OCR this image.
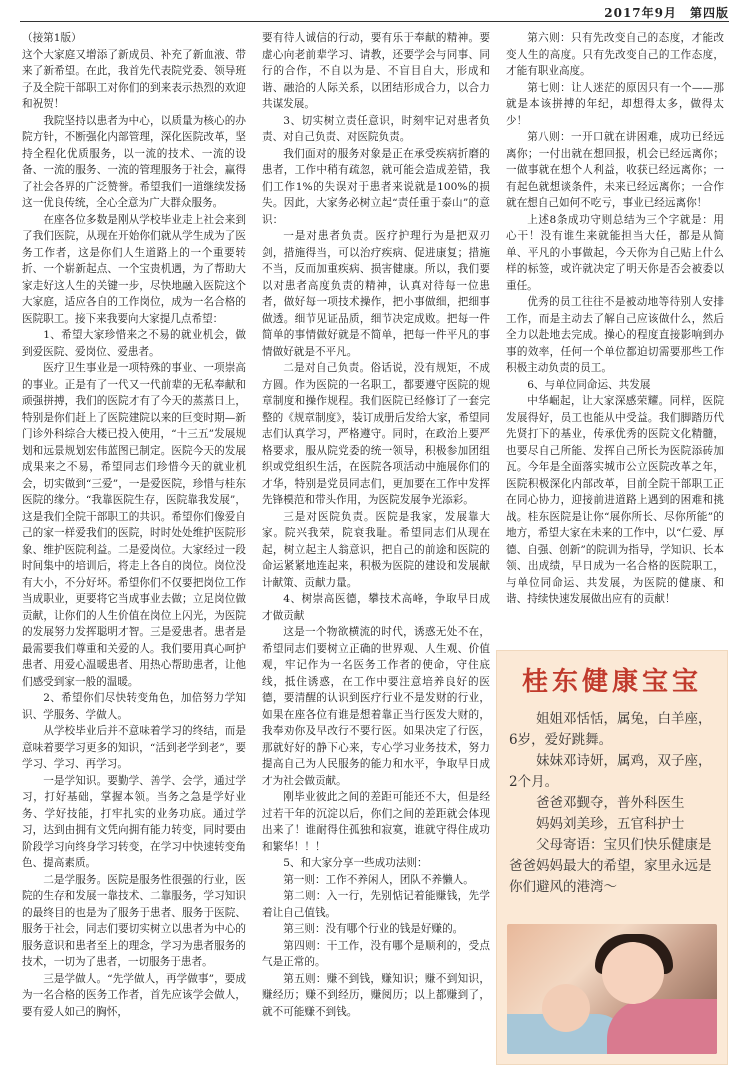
2017年9月　第四版

（接第1版）

这个大家庭又增添了新成员、补充了新血液、带来了新希望。在此，我首先代表院党委、领导班子及全院干部职工对你们的到来表示热烈的欢迎和祝贺！

我院坚持以患者为中心，以质量为核心的办院方针，不断强化内部管理，深化医院改革，坚持全程化优质服务，以一流的技术、一流的设备、一流的服务、一流的管理服务于社会，赢得了社会各界的广泛赞誉。希望我们一道继续发扬这一优良传统，全心全意为广大群众服务。

在座各位多数是刚从学校毕业走上社会来到了我们医院，从现在开始你们就从学生成为了医务工作者，这是你们人生道路上的一个重要转折、一个崭新起点、一个宝贵机遇，为了帮助大家走好这人生的关键一步，尽快地融入医院这个大家庭，适应各自的工作岗位，成为一名合格的医院职工。接下来我要向大家提几点希望：

1、希望大家珍惜来之不易的就业机会，做到爱医院、爱岗位、爱患者。

医疗卫生事业是一项特殊的事业、一项崇高的事业。正是有了一代又一代前辈的无私奉献和顽强拼搏，我们的医院才有了今天的蒸蒸日上，特别是你们赶上了医院建院以来的巨变时期—新门诊外科综合大楼已投入使用，“十三五”发展规划和远景规划宏伟蓝图已制定。医院今天的发展成果来之不易，希望同志们珍惜今天的就业机会，切实做到“三爱”，一是爱医院，珍惜与桂东医院的缘分。“我靠医院生存，医院靠我发展”，这是我们全院干部职工的共识。希望你们像爱自己的家一样爱我们的医院，时时处处维护医院形象、维护医院利益。二是爱岗位。大家经过一段时间集中的培训后，将走上各自的岗位。岗位没有大小，不分好坏。希望你们不仅要把岗位工作当成职业，更要将它当成事业去做；立足岗位做贡献，让你们的人生价值在岗位上闪光，为医院的发展努力发挥聪明才智。三是爱患者。患者是最需要我们尊重和关爱的人。我们要用真心呵护患者、用爱心温暖患者、用热心帮助患者，让他们感受到家一般的温暖。

2、希望你们尽快转变角色，加倍努力学知识、学服务、学做人。

从学校毕业后并不意味着学习的终结，而是意味着要学习更多的知识，“活到老学到老”，要学习、学习、再学习。

一是学知识。要勤学、善学、会学，通过学习，打好基础，掌握本领。当务之急是学好业务、学好技能，打牢扎实的业务功底。通过学习，达到由拥有文凭向拥有能力转变，同时要由阶段学习向终身学习转变，在学习中快速转变角色、提高素质。

二是学服务。医院是服务性很强的行业，医院的生存和发展一靠技术、二靠服务，学习知识的最终目的也是为了服务于患者、服务于医院、服务于社会，同志们要切实树立以患者为中心的服务意识和患者至上的理念，学习为患者服务的技术，一切为了患者，一切服务于患者。

三是学做人。“先学做人，再学做事”，要成为一名合格的医务工作者，首先应该学会做人，要有爱人如己的胸怀，

要有待人诚信的行动，要有乐于奉献的精神。要虚心向老前辈学习、请教，还要学会与同事、同行的合作，不自以为是、不盲目自大，形成和谐、融洽的人际关系，以团结形成合力，以合力共谋发展。

3、切实树立责任意识，时刻牢记对患者负责、对自己负责、对医院负责。

我们面对的服务对象是正在承受疾病折磨的患者，工作中稍有疏忽，就可能会造成差错，我们工作1%的失误对于患者来说就是100%的损失。因此，大家务必树立起“责任重于泰山”的意识：

一是对患者负责。医疗护理行为是把双刃剑，措施得当，可以治疗疾病、促进康复；措施不当，反而加重疾病、损害健康。所以，我们要以对患者高度负责的精神，认真对待每一位患者，做好每一项技术操作，把小事做细，把细事做透。细节见证品质，细节决定成败。把每一件简单的事情做好就是不简单，把每一件平凡的事情做好就是不平凡。

二是对自己负责。俗话说，没有规矩，不成方圆。作为医院的一名职工，都要遵守医院的规章制度和操作规程。我们医院已经修订了一套完整的《规章制度》，装订成册后发给大家，希望同志们认真学习，严格遵守。同时，在政治上要严格要求，服从院党委的统一领导，积极参加团组织或党组织生活，在医院各项活动中施展你们的才华，特别是党员同志们，更加要在工作中发挥先锋模范和带头作用，为医院发展争光添彩。

三是对医院负责。医院是我家，发展靠大家。院兴我荣，院衰我耻。希望同志们从现在起，树立起主人翁意识，把自己的前途和医院的命运紧紧地连起来，积极为医院的建设和发展献计献策、贡献力量。

4、树崇高医德，攀技术高峰，争取早日成才做贡献

这是一个物欲横流的时代，诱惑无处不在，希望同志们要树立正确的世界观、人生观、价值观，牢记作为一名医务工作者的使命，守住底线，抵住诱惑，在工作中要注意培养良好的医德，要清醒的认识到医疗行业不是发财的行业，如果在座各位有谁是想着靠正当行医发大财的，我奉劝你及早改行不要行医。如果决定了行医，那就好好的静下心来，专心学习业务技术，努力提高自己为人民服务的能力和水平，争取早日成才为社会做贡献。

刚毕业彼此之间的差距可能还不大，但是经过若干年的沉淀以后，你们之间的差距就会体现出来了！谁耐得住孤独和寂寞，谁就守得住成功和繁华！！！

5、和大家分享一些成功法则：

第一则：工作不养闲人，团队不养懒人。

第二则：入一行，先别惦记着能赚钱，先学着让自己值钱。

第三则：没有哪个行业的钱是好赚的。

第四则：干工作，没有哪个是顺利的，受点气是正常的。

第五则：赚不到钱，赚知识；赚不到知识，赚经历；赚不到经历，赚阅历；以上都赚到了，就不可能赚不到钱。

第六则：只有先改变自己的态度，才能改变人生的高度。只有先改变自己的工作态度，才能有职业高度。

第七则：让人迷茫的原因只有一个——那就是本该拼搏的年纪，却想得太多，做得太少！

第八则：一开口就在讲困难，成功已经远离你；一付出就在想回报，机会已经远离你；一做事就在想个人利益，收获已经远离你；一有起色就想谈条件，未来已经远离你；一合作就在想自己如何不吃亏，事业已经远离你！

上述8条成功守则总结为三个字就是：用心干！没有谁生来就能担当大任，都是从简单、平凡的小事做起，今天你为自己贴上什么样的标签，或许就决定了明天你是否会被委以重任。

优秀的员工往往不是被动地等待别人安排工作，而是主动去了解自己应该做什么，然后全力以赴地去完成。操心的程度直接影响到办事的效率，任何一个单位都迫切需要那些工作积极主动负责的员工。

6、与单位同命运、共发展

中华崛起，让大家深感荣耀。同样，医院发展得好，员工也能从中受益。我们脚踏历代先贤打下的基业，传承优秀的医院文化精髓，也要尽自己所能、发挥自己所长为医院添砖加瓦。今年是全面落实城市公立医院改革之年，医院积极深化内部改革，目前全院干部职工正在同心协力，迎接前进道路上遇到的困难和挑战。桂东医院是让你“展你所长、尽你所能”的地方，希望大家在未来的工作中，以“仁爱、厚德、自强、创新”的院训为指导，学知识、长本领、出成绩，早日成为一名合格的医院职工，与单位同命运、共发展，为医院的健康、和谐、持续快速发展做出应有的贡献！

桂东健康宝宝

姐姐邓恬恬，属兔，白羊座，6岁，爱好跳舞。

妹妹邓诗妍，属鸡，双子座，2个月。

爸爸邓觐夺，普外科医生

妈妈刘美珍，五官科护士

父母寄语：宝贝们快乐健康是爸爸妈妈最大的希望，家里永远是你们避风的港湾～
